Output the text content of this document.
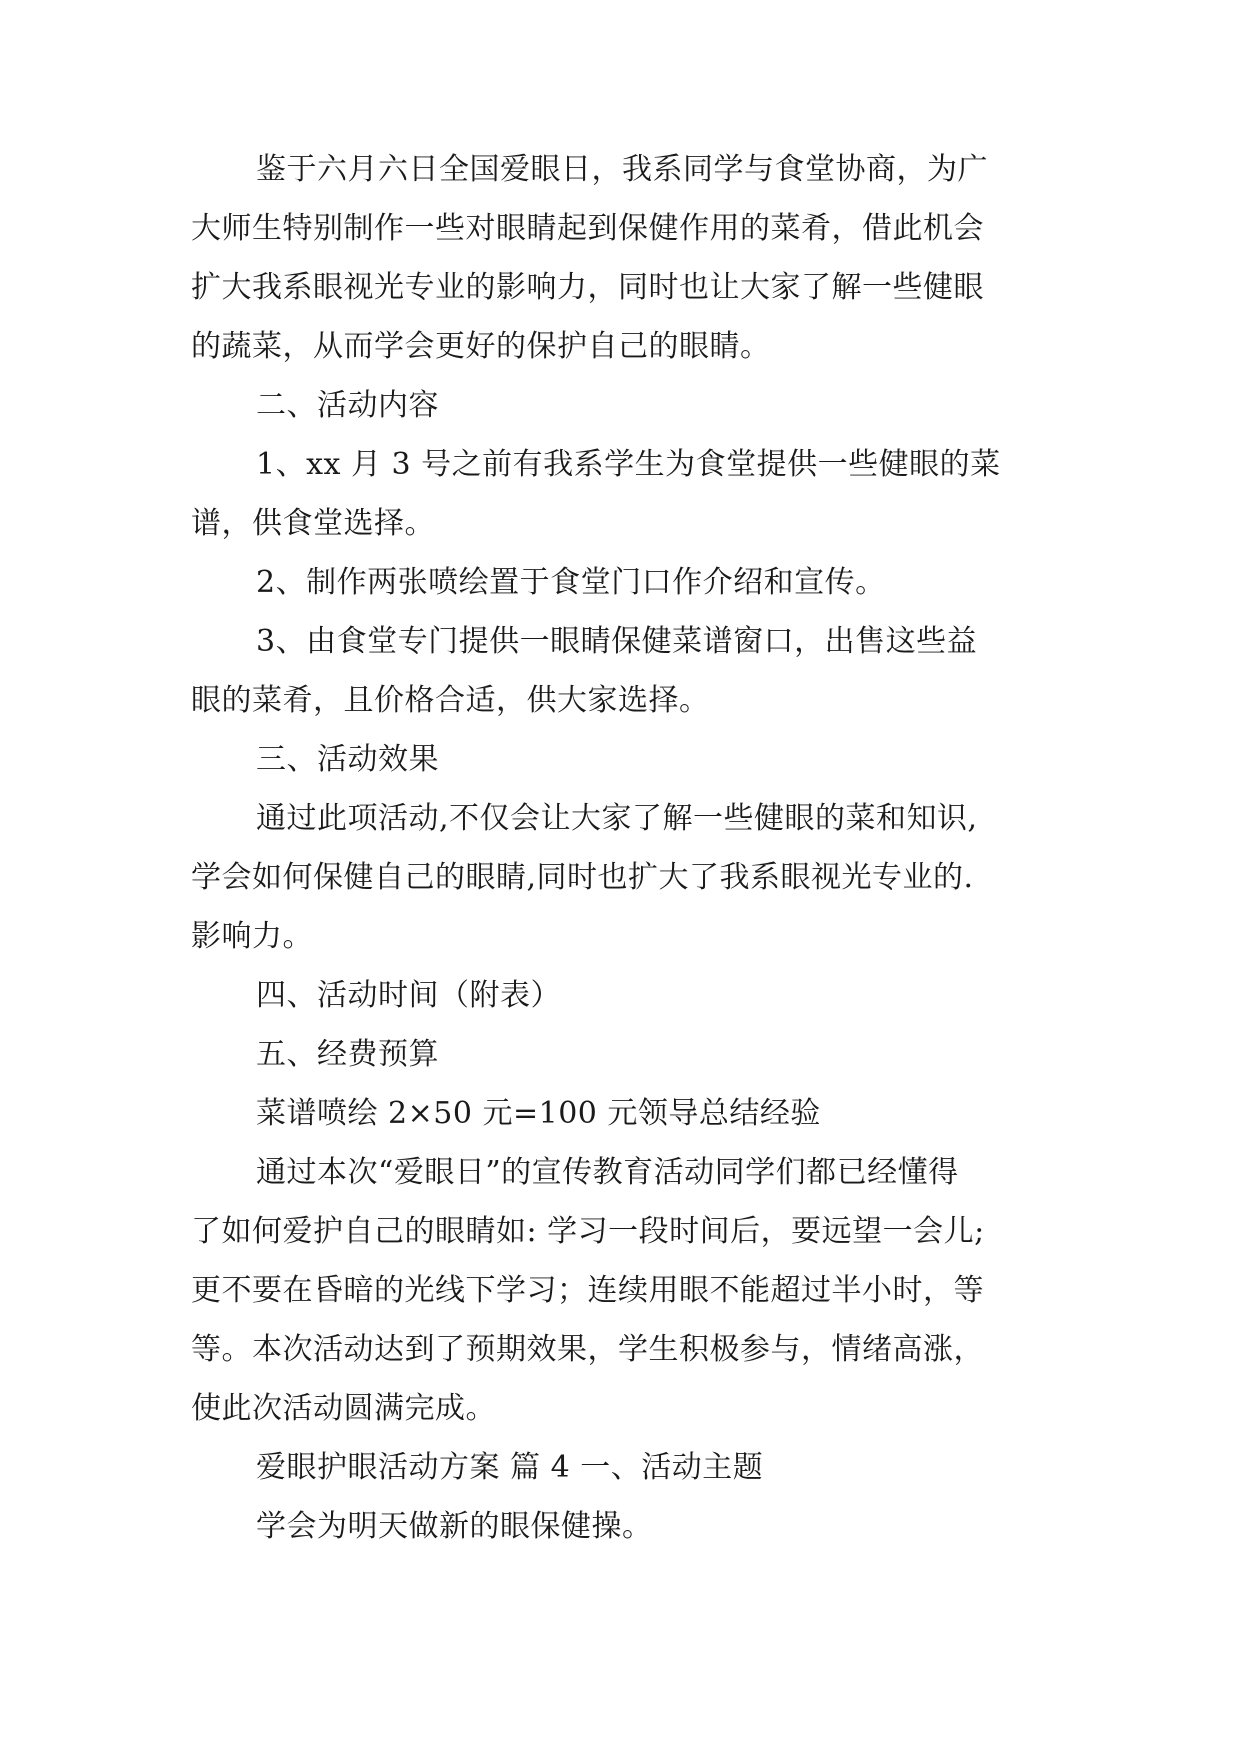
鉴于六月六日全国爱眼日，我系同学与食堂协商，为广
大师生特别制作一些对眼睛起到保健作用的菜肴，借此机会
扩大我系眼视光专业的影响力，同时也让大家了解一些健眼
的蔬菜，从而学会更好的保护自己的眼睛。
二、活动内容
1、xx 月 3 号之前有我系学生为食堂提供一些健眼的菜
谱，供食堂选择。
2、制作两张喷绘置于食堂门口作介绍和宣传。
3、由食堂专门提供一眼睛保健菜谱窗口，出售这些益
眼的菜肴，且价格合适，供大家选择。
三、活动效果
通过此项活动,不仅会让大家了解一些健眼的菜和知识,
学会如何保健自己的眼睛,同时也扩大了我系眼视光专业的.
影响力。
四、活动时间（附表）
五、经费预算
菜谱喷绘 2×50 元=100 元领导总结经验
通过本次“爱眼日”的宣传教育活动同学们都已经懂得
了如何爱护自己的眼睛如: 学习一段时间后，要远望一会儿;
更不要在昏暗的光线下学习；连续用眼不能超过半小时，等
等。本次活动达到了预期效果，学生积极参与，情绪高涨，
使此次活动圆满完成。
爱眼护眼活动方案 篇 4 一、活动主题
学会为明天做新的眼保健操。
